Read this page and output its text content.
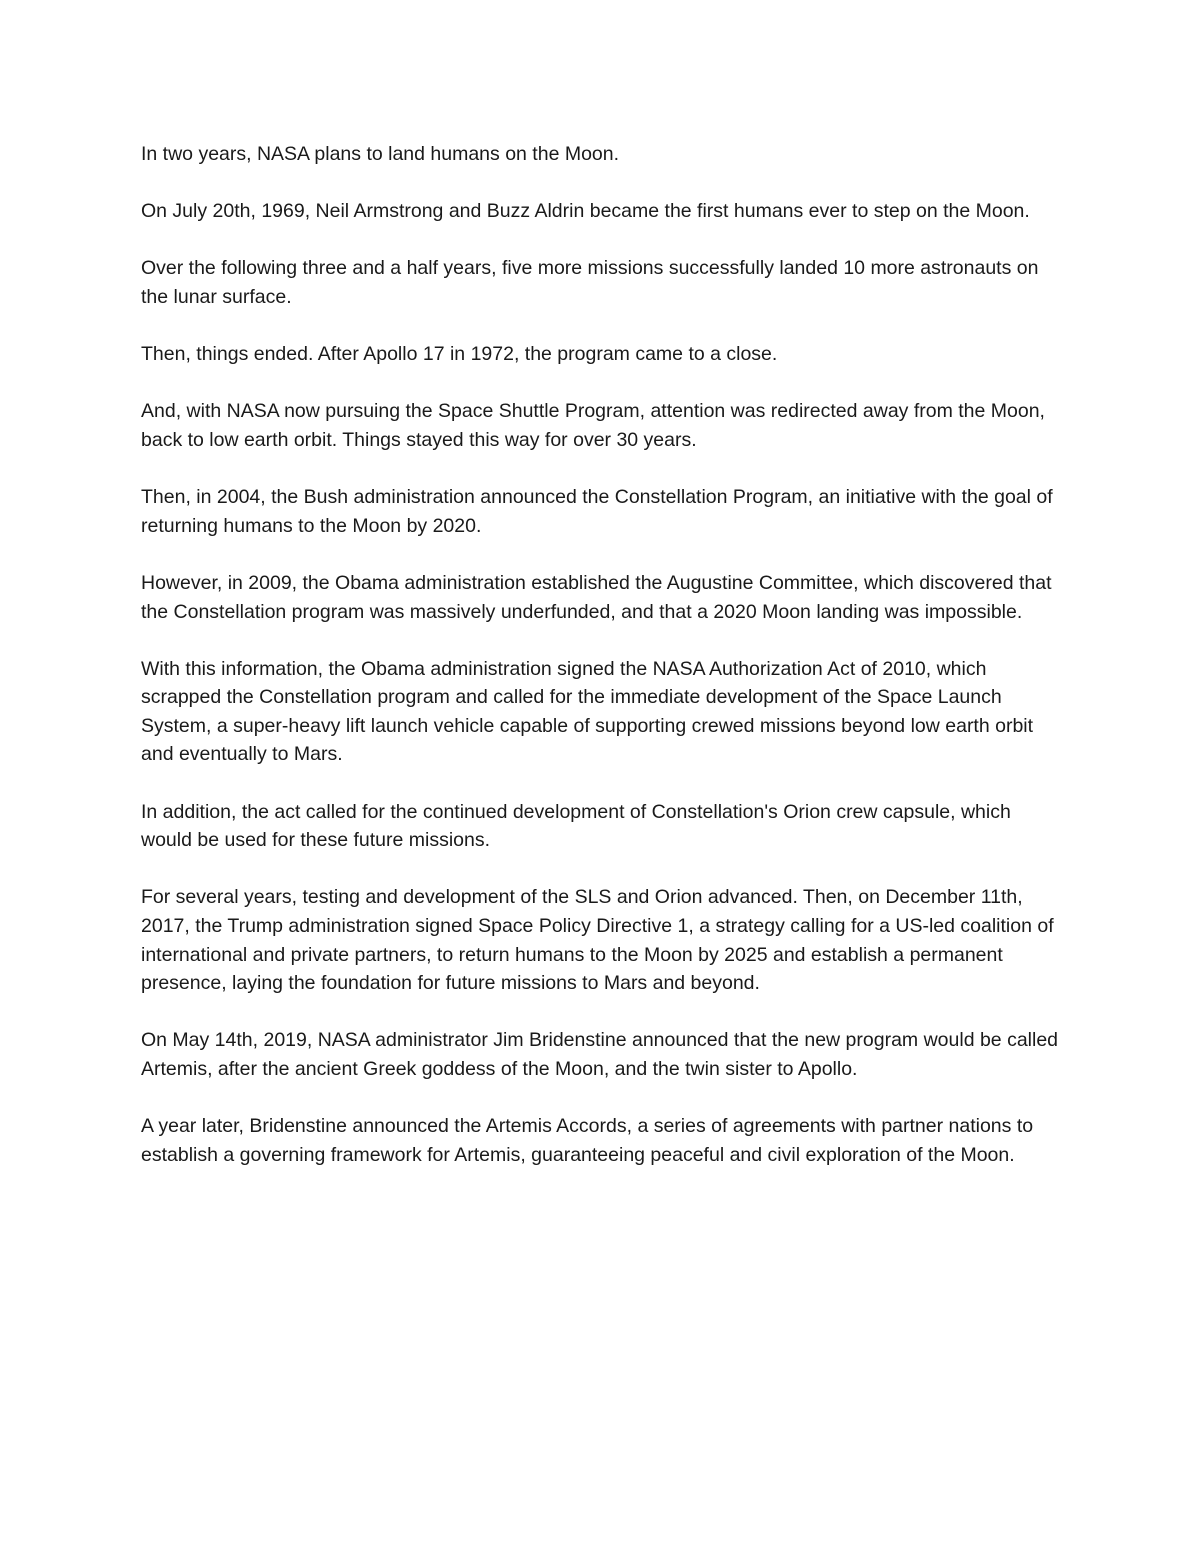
In two years, NASA plans to land humans on the Moon.

On July 20th, 1969, Neil Armstrong and Buzz Aldrin became the first humans ever to step on the Moon.

Over the following three and a half years, five more missions successfully landed 10 more astronauts on the lunar surface.

Then, things ended. After Apollo 17 in 1972, the program came to a close.

And, with NASA now pursuing the Space Shuttle Program, attention was redirected away from the Moon, back to low earth orbit. Things stayed this way for over 30 years.

Then, in 2004, the Bush administration announced the Constellation Program, an initiative with the goal of returning humans to the Moon by 2020.

However, in 2009, the Obama administration established the Augustine Committee, which discovered that the Constellation program was massively underfunded, and that a 2020 Moon landing was impossible.

With this information, the Obama administration signed the NASA Authorization Act of 2010, which scrapped the Constellation program and called for the immediate development of the Space Launch System, a super-heavy lift launch vehicle capable of supporting crewed missions beyond low earth orbit and eventually to Mars.

In addition, the act called for the continued development of Constellation's Orion crew capsule, which would be used for these future missions.

For several years, testing and development of the SLS and Orion advanced. Then, on December 11th, 2017, the Trump administration signed Space Policy Directive 1, a strategy calling for a US-led coalition of international and private partners, to return humans to the Moon by 2025 and establish a permanent presence, laying the foundation for future missions to Mars and beyond.

On May 14th, 2019, NASA administrator Jim Bridenstine announced that the new program would be called Artemis, after the ancient Greek goddess of the Moon, and the twin sister to Apollo.

A year later, Bridenstine announced the Artemis Accords, a series of agreements with partner nations to establish a governing framework for Artemis, guaranteeing peaceful and civil exploration of the Moon.
